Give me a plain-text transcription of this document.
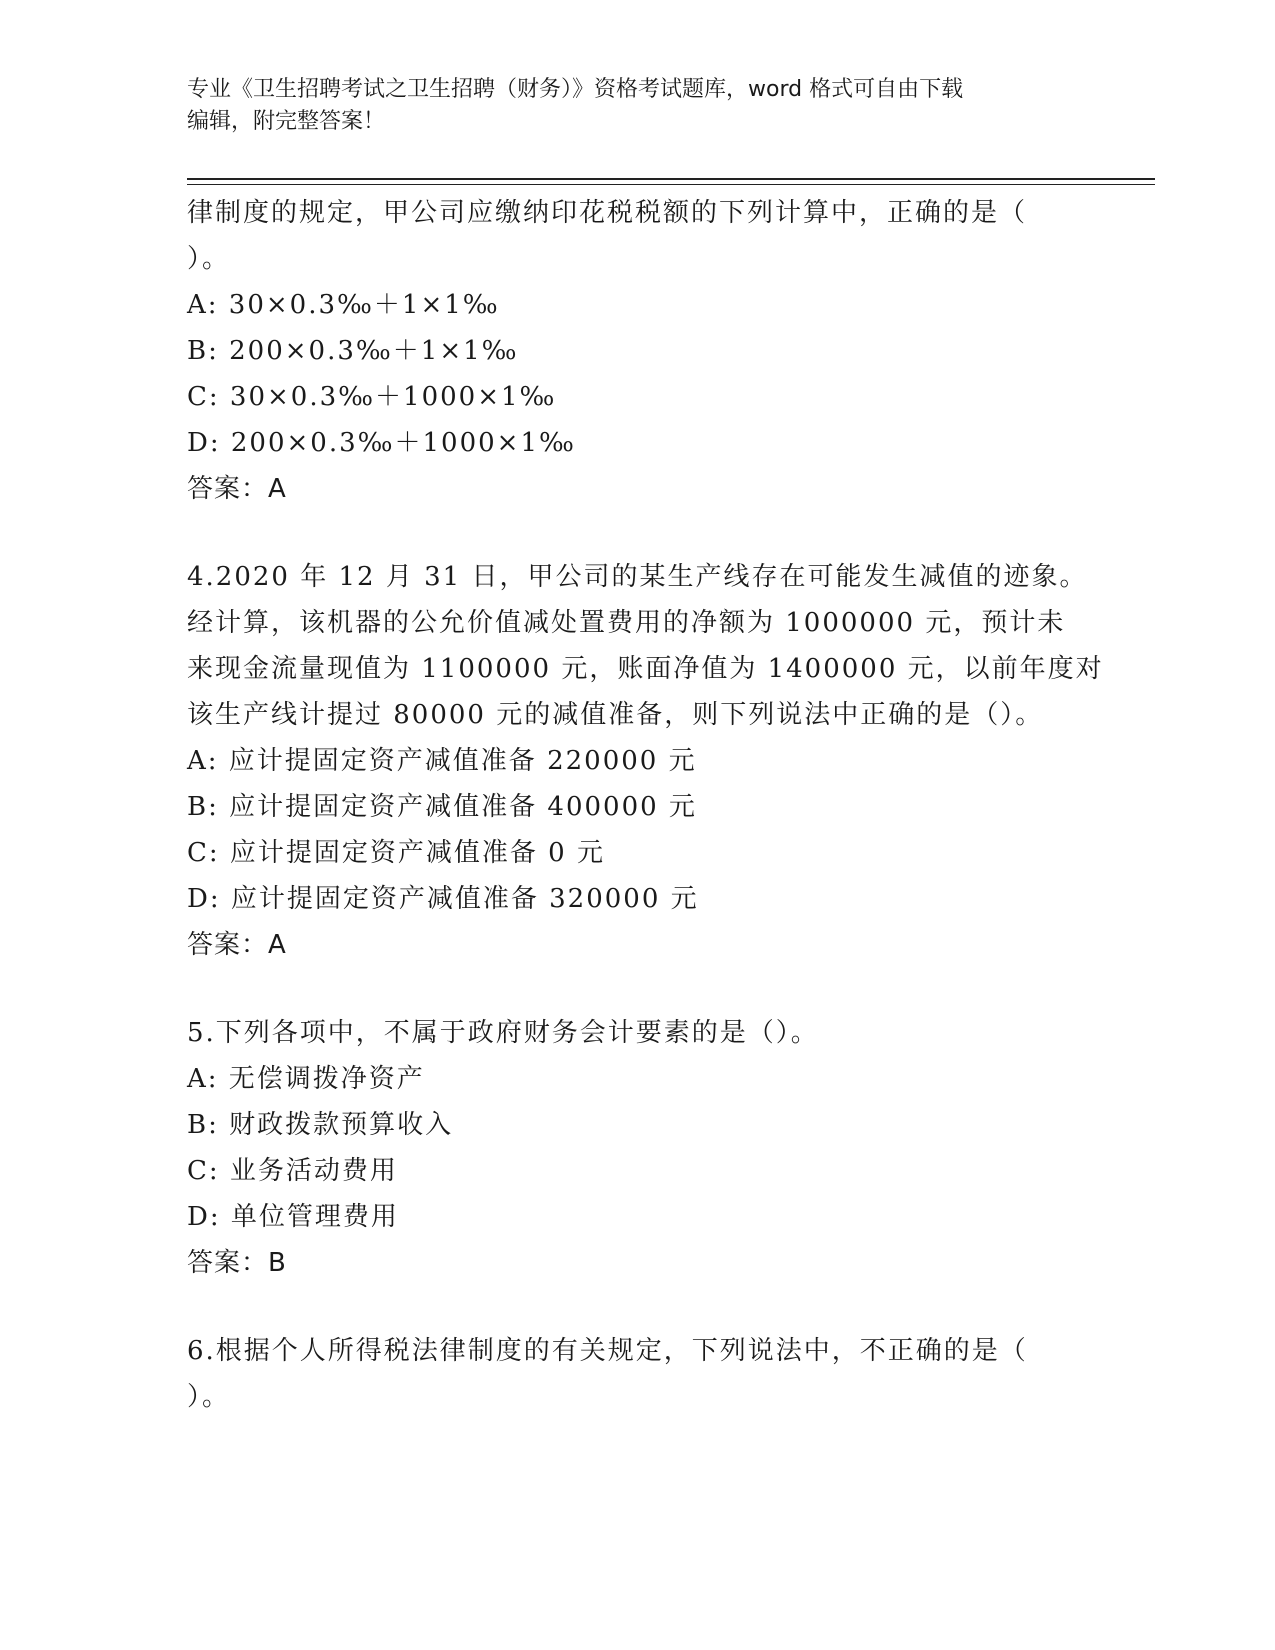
专业《卫生招聘考试之卫生招聘（财务）》资格考试题库，word 格式可自由下载
编辑，附完整答案！
律制度的规定，甲公司应缴纳印花税税额的下列计算中，正确的是（
）。
A: 30×0.3‰＋1×1‰
B: 200×0.3‰＋1×1‰
C: 30×0.3‰＋1000×1‰
D: 200×0.3‰＋1000×1‰
答案：A
4.2020 年 12 月 31 日，甲公司的某生产线存在可能发生减值的迹象。
经计算，该机器的公允价值减处置费用的净额为 1000000 元，预计未
来现金流量现值为 1100000 元，账面净值为 1400000 元，以前年度对
该生产线计提过 80000 元的减值准备，则下列说法中正确的是（）。
A: 应计提固定资产减值准备 220000 元
B: 应计提固定资产减值准备 400000 元
C: 应计提固定资产减值准备 0 元
D: 应计提固定资产减值准备 320000 元
答案：A
5.下列各项中，不属于政府财务会计要素的是（）。
A: 无偿调拨净资产
B: 财政拨款预算收入
C: 业务活动费用
D: 单位管理费用
答案：B
6.根据个人所得税法律制度的有关规定，下列说法中，不正确的是（
）。
